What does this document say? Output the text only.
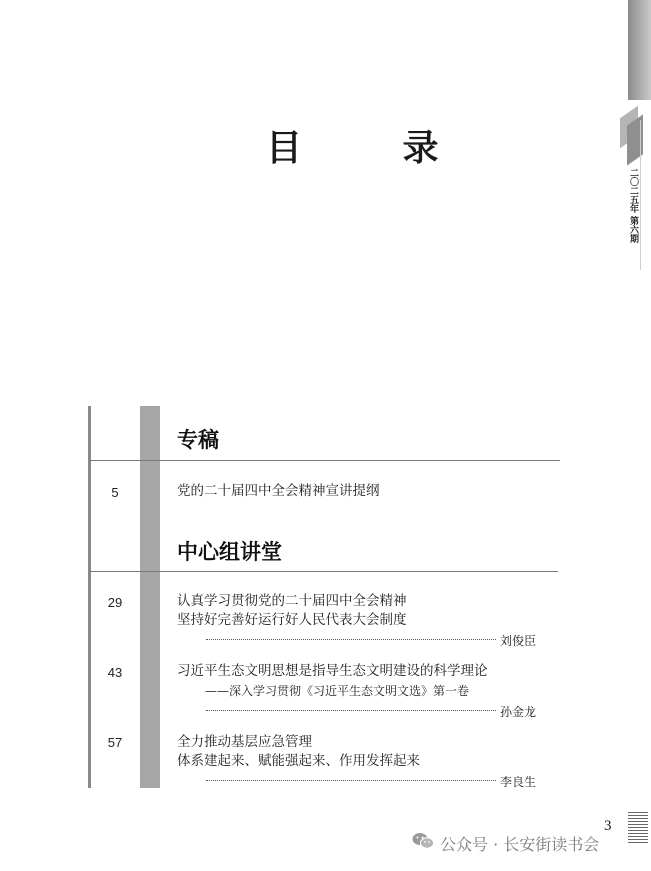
二〇二五年 第六期
目 录
专稿
5	党的二十届四中全会精神宣讲提纲
中心组讲堂
29	认真学习贯彻党的二十届四中全会精神
坚持好完善好运行好人民代表大会制度
刘俊臣
43	习近平生态文明思想是指导生态文明建设的科学理论
——深入学习贯彻《习近平生态文明文选》第一卷
孙金龙
57	全力推动基层应急管理
体系建起来、赋能强起来、作用发挥起来
李良生
3
公众号 · 长安街读书会
